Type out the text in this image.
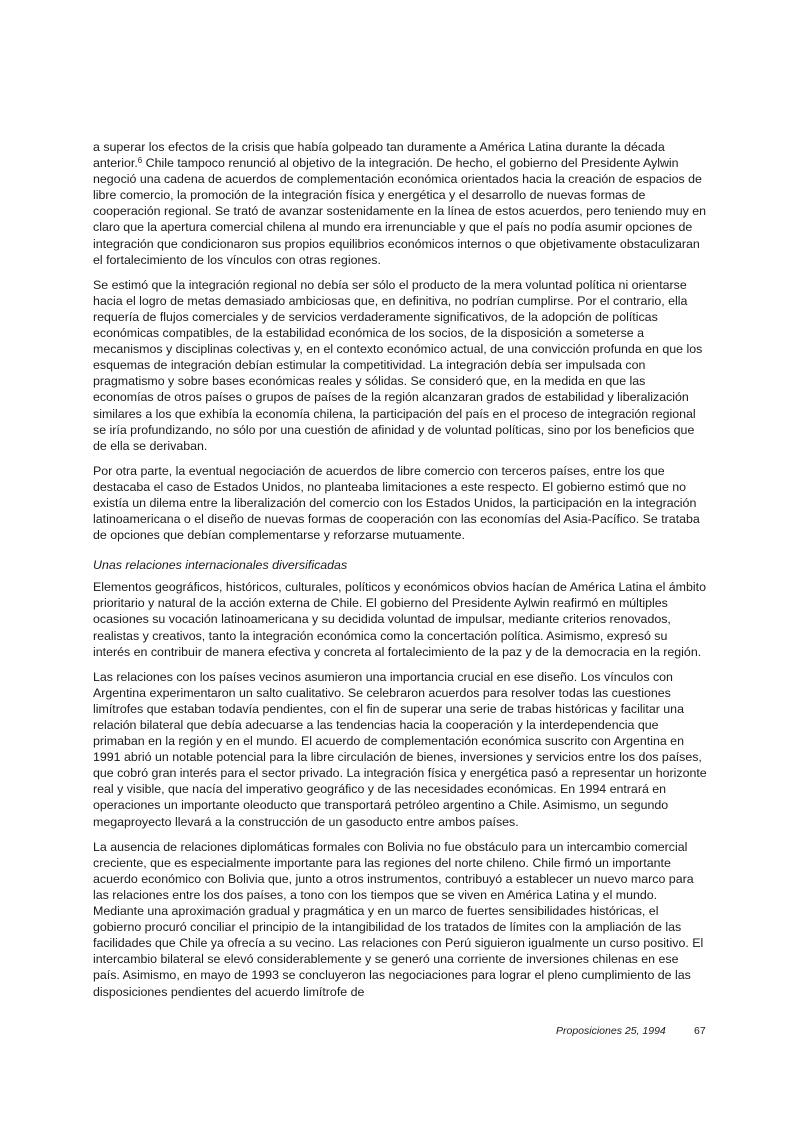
a superar los efectos de la crisis que había golpeado tan duramente a América Latina durante la década anterior.$^6$ Chile tampoco renunció al objetivo de la integración. De hecho, el gobierno del Presidente Aylwin negoció una cadena de acuerdos de complementación económica orientados hacia la creación de espacios de libre comercio, la promoción de la integración física y energética y el desarrollo de nuevas formas de cooperación regional. Se trató de avanzar sostenidamente en la línea de estos acuerdos, pero teniendo muy en claro que la apertura comercial chilena al mundo era irrenunciable y que el país no podía asumir opciones de integración que condicionaron sus propios equilibrios económicos internos o que objetivamente obstaculizaran el fortalecimiento de los vínculos con otras regiones.

Se estimó que la integración regional no debía ser sólo el producto de la mera voluntad política ni orientarse hacia el logro de metas demasiado ambiciosas que, en definitiva, no podrían cumplirse. Por el contrario, ella requería de flujos comerciales y de servicios verdaderamente significativos, de la adopción de políticas económicas compatibles, de la estabilidad económica de los socios, de la disposición a someterse a mecanismos y disciplinas colectivas y, en el contexto económico actual, de una convicción profunda en que los esquemas de integración debían estimular la competitividad. La integración debía ser impulsada con pragmatismo y sobre bases económicas reales y sólidas. Se consideró que, en la medida en que las economías de otros países o grupos de países de la región alcanzaran grados de estabilidad y liberalización similares a los que exhibía la economía chilena, la participación del país en el proceso de integración regional se iría profundizando, no sólo por una cuestión de afinidad y de voluntad políticas, sino por los beneficios que de ella se derivaban.

Por otra parte, la eventual negociación de acuerdos de libre comercio con terceros países, entre los que destacaba el caso de Estados Unidos, no planteaba limitaciones a este respecto. El gobierno estimó que no existía un dilema entre la liberalización del comercio con los Estados Unidos, la participación en la integración latinoamericana o el diseño de nuevas formas de cooperación con las economías del Asia-Pacífico. Se trataba de opciones que debían complementarse y reforzarse mutuamente.

Unas relaciones internacionales diversificadas

Elementos geográficos, históricos, culturales, políticos y económicos obvios hacían de América Latina el ámbito prioritario y natural de la acción externa de Chile. El gobierno del Presidente Aylwin reafirmó en múltiples ocasiones su vocación latinoamericana y su decidida voluntad de impulsar, mediante criterios renovados, realistas y creativos, tanto la integración económica como la concertación política. Asimismo, expresó su interés en contribuir de manera efectiva y concreta al fortalecimiento de la paz y de la democracia en la región.

Las relaciones con los países vecinos asumieron una importancia crucial en ese diseño. Los vínculos con Argentina experimentaron un salto cualitativo. Se celebraron acuerdos para resolver todas las cuestiones limítrofes que estaban todavía pendientes, con el fin de superar una serie de trabas históricas y facilitar una relación bilateral que debía adecuarse a las tendencias hacia la cooperación y la interdependencia que primaban en la región y en el mundo. El acuerdo de complementación económica suscrito con Argentina en 1991 abrió un notable potencial para la libre circulación de bienes, inversiones y servicios entre los dos países, que cobró gran interés para el sector privado. La integración física y energética pasó a representar un horizonte real y visible, que nacía del imperativo geográfico y de las necesidades económicas. En 1994 entrará en operaciones un importante oleoducto que transportará petróleo argentino a Chile. Asimismo, un segundo megaproyecto llevará a la construcción de un gasoducto entre ambos países.

La ausencia de relaciones diplomáticas formales con Bolivia no fue obstáculo para un intercambio comercial creciente, que es especialmente importante para las regiones del norte chileno. Chile firmó un importante acuerdo económico con Bolivia que, junto a otros instrumentos, contribuyó a establecer un nuevo marco para las relaciones entre los dos países, a tono con los tiempos que se viven en América Latina y el mundo. Mediante una aproximación gradual y pragmática y en un marco de fuertes sensibilidades históricas, el gobierno procuró conciliar el principio de la intangibilidad de los tratados de límites con la ampliación de las facilidades que Chile ya ofrecía a su vecino. Las relaciones con Perú siguieron igualmente un curso positivo. El intercambio bilateral se elevó considerablemente y se generó una corriente de inversiones chilenas en ese país. Asimismo, en mayo de 1993 se concluyeron las negociaciones para lograr el pleno cumplimiento de las disposiciones pendientes del acuerdo limítrofe de

Proposiciones 25, 1994	67
